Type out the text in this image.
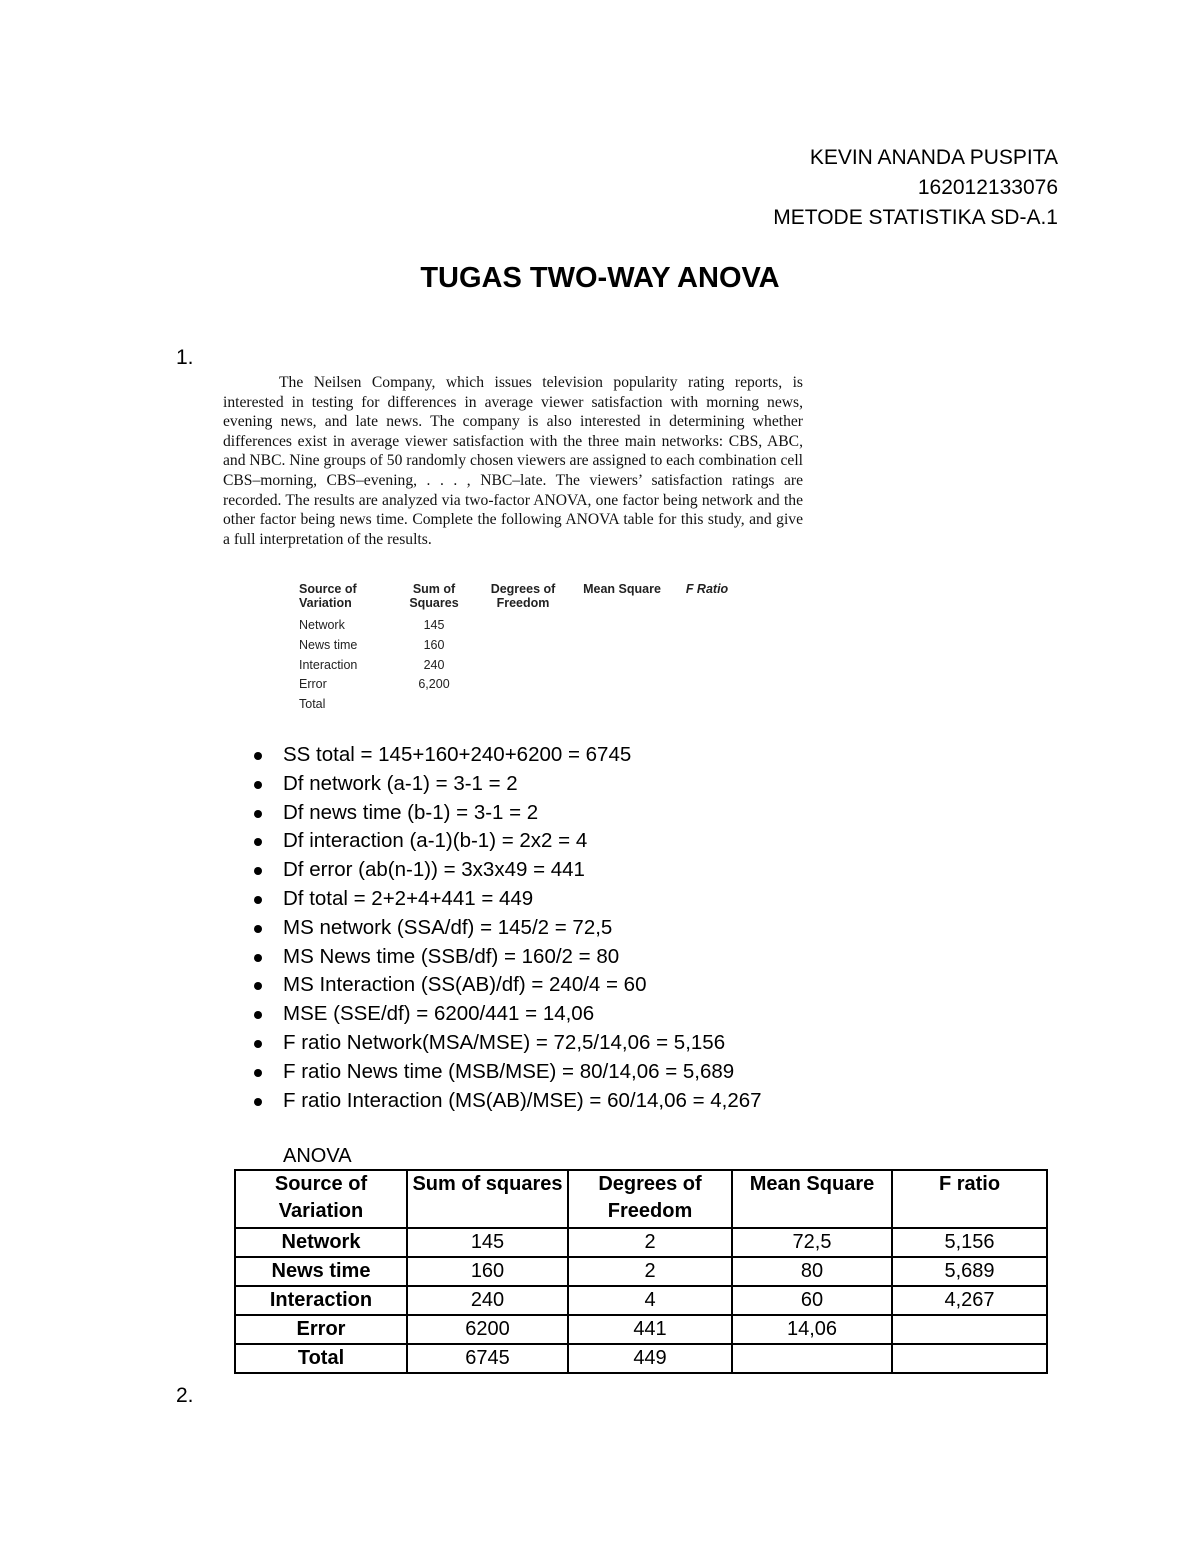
KEVIN ANANDA PUSPITA
162012133076
METODE STATISTIKA SD-A.1
TUGAS TWO-WAY ANOVA
1.
The Neilsen Company, which issues television popularity rating reports, is interested in testing for differences in average viewer satisfaction with morning news, evening news, and late news. The company is also interested in determining whether differences exist in average viewer satisfaction with the three main networks: CBS, ABC, and NBC. Nine groups of 50 randomly chosen viewers are assigned to each combination cell CBS–morning, CBS–evening, . . . , NBC–late. The viewers’ satisfaction ratings are recorded. The results are analyzed via two-factor ANOVA, one factor being network and the other factor being news time. Complete the following ANOVA table for this study, and give a full interpretation of the results.
Source of Variation	Sum of Squares	Degrees of Freedom	Mean Square	F Ratio
Network	145			
News time	160			
Interaction	240			
Error	6,200			
Total				
SS total = 145+160+240+6200 = 6745
Df network (a-1) = 3-1 = 2
Df news time (b-1) = 3-1 = 2
Df interaction (a-1)(b-1) = 2x2 = 4
Df error (ab(n-1)) = 3x3x49 = 441
Df total = 2+2+4+441 = 449
MS network (SSA/df) = 145/2 = 72,5
MS News time (SSB/df) = 160/2 = 80
MS Interaction (SS(AB)/df) = 240/4 = 60
MSE (SSE/df) = 6200/441 = 14,06
F ratio Network(MSA/MSE) = 72,5/14,06 = 5,156
F ratio News time (MSB/MSE) = 80/14,06 = 5,689
F ratio Interaction (MS(AB)/MSE) = 60/14,06 = 4,267
ANOVA
Source of Variation	Sum of squares	Degrees of Freedom	Mean Square	F ratio
Network	145	2	72,5	5,156
News time	160	2	80	5,689
Interaction	240	4	60	4,267
Error	6200	441	14,06	
Total	6745	449		
2.
